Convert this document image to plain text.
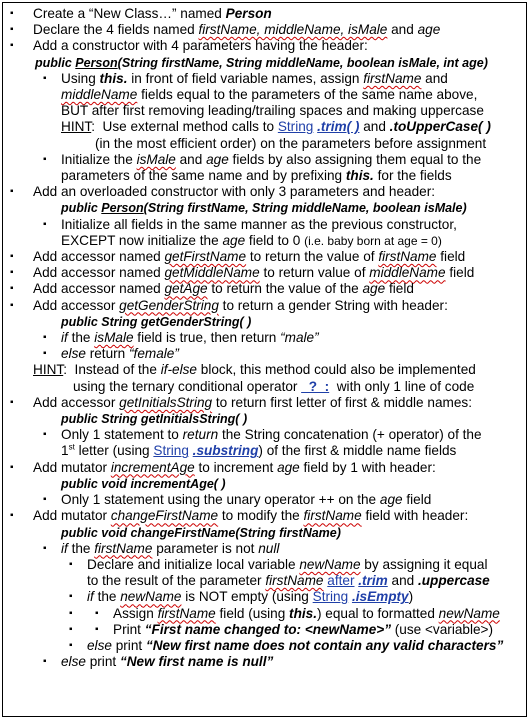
▪ Create a “New Class…” named Person
▪ Declare the 4 fields named firstName, middleName, isMale and age
▪ Add a constructor with 4 parameters having the header:
public Person(String firstName, String middleName, boolean isMale, int age)
▪ Using this. in front of field variable names, assign firstName and
middleName fields equal to the parameters of the same name above,
BUT after first removing leading/trailing spaces and making uppercase
HINT:  Use external method calls to String .trim( ) and .toUpperCase( )
(in the most efficient order) on the parameters before assignment
▪ Initialize the isMale and age fields by also assigning them equal to the
parameters of the same name and by prefixing this. for the fields
▪ Add an overloaded constructor with only 3 parameters and header:
public Person(String firstName, String middleName, boolean isMale)
▪ Initialize all fields in the same manner as the previous constructor,
EXCEPT now initialize the age field to 0 (i.e. baby born at age = 0)
▪ Add accessor named getFirstName to return the value of firstName field
▪ Add accessor named getMiddleName to return value of middleName field
▪ Add accessor named getAge to return the value of the age field
▪ Add accessor getGenderString to return a gender String with header:
public String getGenderString( )
▪ if the isMale field is true, then return “male”
▪ else return “female”
HINT:  Instead of the if-else block, this method could also be implemented
using the ternary conditional operator _?_:  with only 1 line of code
▪ Add accessor getInitialsString to return first letter of first & middle names:
public String getInitialsString( )
▪ Only 1 statement to return the String concatenation (+ operator) of the
1st letter (using String .substring) of the first & middle name fields
▪ Add mutator incrementAge to increment age field by 1 with header:
public void incrementAge( )
▪ Only 1 statement using the unary operator ++ on the age field
▪ Add mutator changeFirstName to modify the firstName field with header:
public void changeFirstName(String firstName)
▪ if the firstName parameter is not null
▪ Declare and initialize local variable newName by assigning it equal
to the result of the parameter firstName after .trim and .uppercase
▪ if the newName is NOT empty (using String .isEmpty)
▪ ▪ Assign firstName field (using this.) equal to formatted newName
▪ ▪ Print “First name changed to: <newName>” (use <variable>)
▪ else print “New first name does not contain any valid characters”
▪ else print “New first name is null”
